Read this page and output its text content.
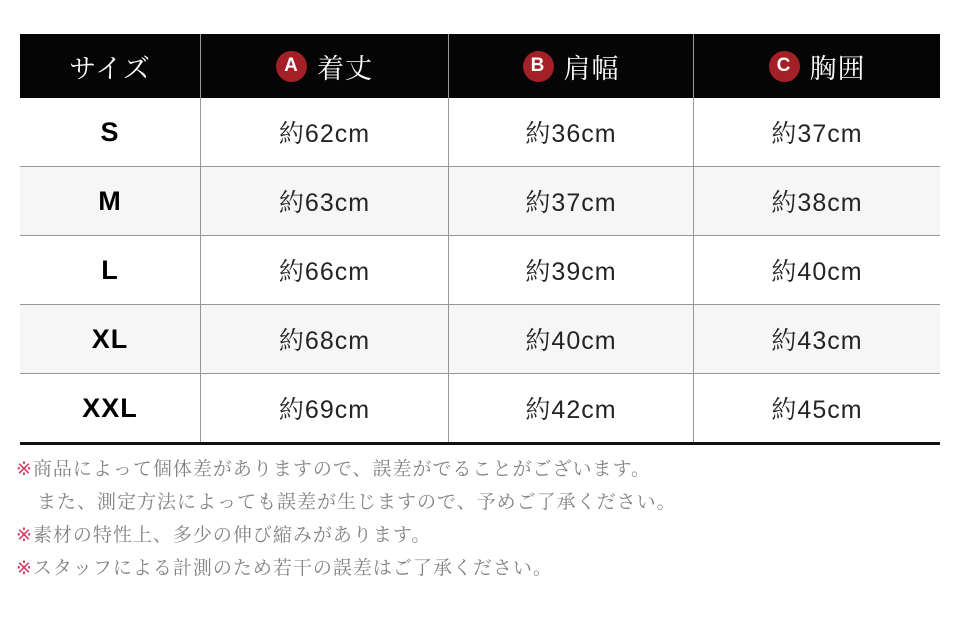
サイズ	A 着丈	B 肩幅	C 胸囲
S	約62cm	約36cm	約37cm
M	約63cm	約37cm	約38cm
L	約66cm	約39cm	約40cm
XL	約68cm	約40cm	約43cm
XXL	約69cm	約42cm	約45cm

※商品によって個体差がありますので、誤差がでることがございます。

また、測定方法によっても誤差が生じますので、予めご了承ください。

※素材の特性上、多少の伸び縮みがあります。

※スタッフによる計測のため若干の誤差はご了承ください。
